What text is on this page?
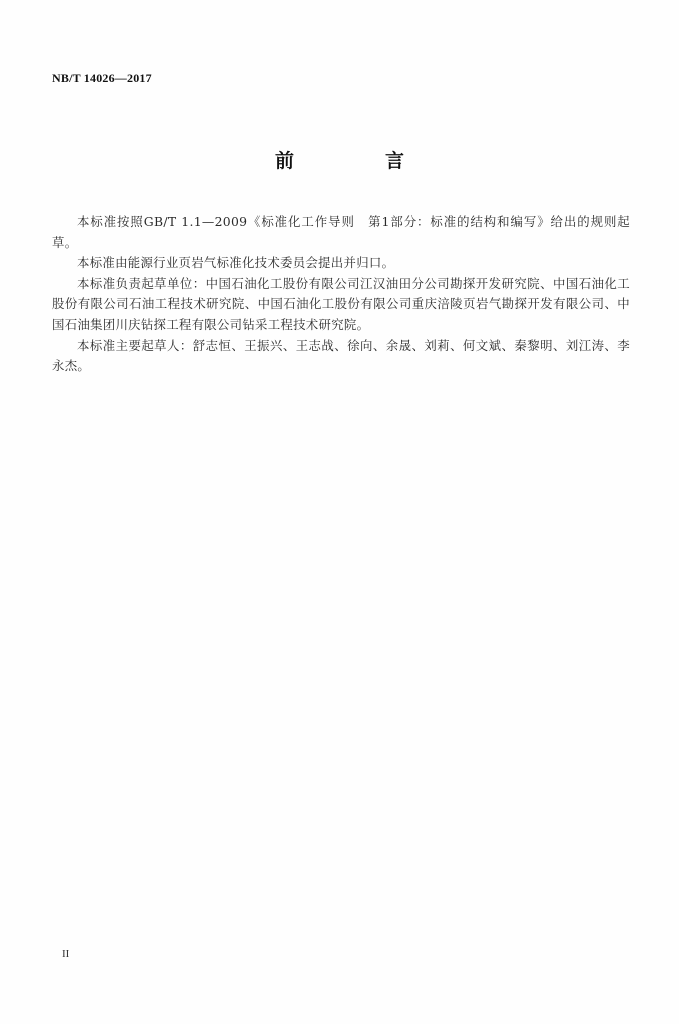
NB/T 14026—2017
前　言

本标准按照GB/T 1.1—2009《标准化工作导则　第1部分：标准的结构和编写》给出的规则起草。

本标准由能源行业页岩气标准化技术委员会提出并归口。

本标准负责起草单位：中国石油化工股份有限公司江汉油田分公司勘探开发研究院、中国石油化工股份有限公司石油工程技术研究院、中国石油化工股份有限公司重庆涪陵页岩气勘探开发有限公司、中国石油集团川庆钻探工程有限公司钻采工程技术研究院。

本标准主要起草人：舒志恒、王振兴、王志战、徐向、余晟、刘莉、何文斌、秦黎明、刘江涛、李永杰。

II
